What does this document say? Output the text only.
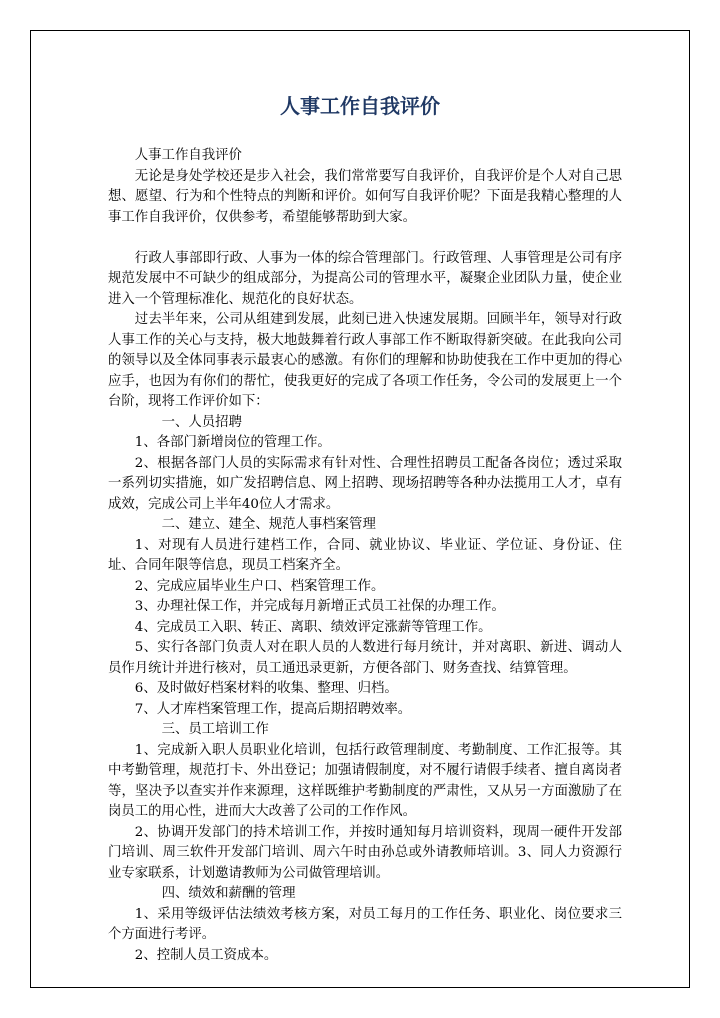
人事工作自我评价

人事工作自我评价

无论是身处学校还是步入社会，我们常常要写自我评价，自我评价是个人对自己思想、愿望、行为和个性特点的判断和评价。如何写自我评价呢？下面是我精心整理的人事工作自我评价，仅供参考，希望能够帮助到大家。

行政人事部即行政、人事为一体的综合管理部门。行政管理、人事管理是公司有序规范发展中不可缺少的组成部分，为提高公司的管理水平，凝聚企业团队力量，使企业进入一个管理标准化、规范化的良好状态。

过去半年来，公司从组建到发展，此刻已进入快速发展期。回顾半年，领导对行政人事工作的关心与支持，极大地鼓舞着行政人事部工作不断取得新突破。在此我向公司的领导以及全体同事表示最衷心的感激。有你们的理解和协助使我在工作中更加的得心应手，也因为有你们的帮忙，使我更好的完成了各项工作任务，令公司的发展更上一个台阶，现将工作评价如下：

一、人员招聘

1、各部门新增岗位的管理工作。

2、根据各部门人员的实际需求有针对性、合理性招聘员工配备各岗位；透过采取一系列切实措施，如广发招聘信息、网上招聘、现场招聘等各种办法揽用工人才，卓有成效，完成公司上半年40位人才需求。

二、建立、建全、规范人事档案管理

1、对现有人员进行建档工作，合同、就业协议、毕业证、学位证、身份证、住址、合同年限等信息，现员工档案齐全。

2、完成应届毕业生户口、档案管理工作。

3、办理社保工作，并完成每月新增正式员工社保的办理工作。

4、完成员工入职、转正、离职、绩效评定涨薪等管理工作。

5、实行各部门负责人对在职人员的人数进行每月统计，并对离职、新进、调动人员作月统计并进行核对，员工通迅录更新，方便各部门、财务查找、结算管理。

6、及时做好档案材料的收集、整理、归档。

7、人才库档案管理工作，提高后期招聘效率。

三、员工培训工作

1、完成新入职人员职业化培训，包括行政管理制度、考勤制度、工作汇报等。其中考勤管理，规范打卡、外出登记；加强请假制度，对不履行请假手续者、擅自离岗者等，坚决予以查实并作来源理，这样既维护考勤制度的严肃性，又从另一方面激励了在岗员工的用心性，进而大大改善了公司的工作作风。

2、协调开发部门的持术培训工作，并按时通知每月培训资料，现周一硬件开发部门培训、周三软件开发部门培训、周六午时由孙总或外请教师培训。3、同人力资源行业专家联系，计划邀请教师为公司做管理培训。

四、绩效和薪酬的管理

1、采用等级评估法绩效考核方案，对员工每月的工作任务、职业化、岗位要求三个方面进行考评。

2、控制人员工资成本。
